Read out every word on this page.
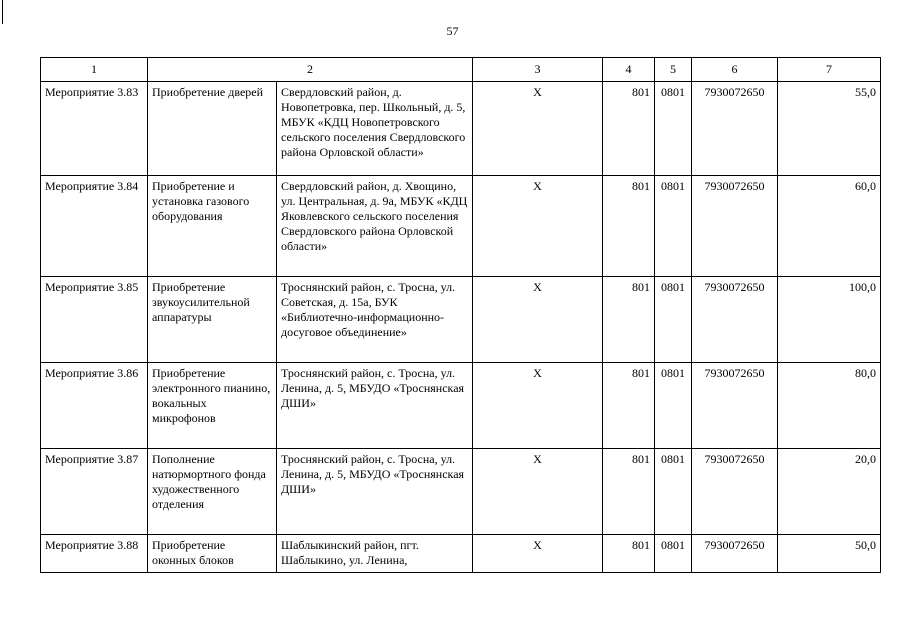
57
1	2		3	4	5	6	7
Мероприятие 3.83	Приобретение дверей	Свердловский район, д. Новопетровка, пер. Школьный, д. 5, МБУК «КДЦ Новопетровского сельского поселения Свердловского района Орловской области»	Х	801	0801	7930072650	55,0
Мероприятие 3.84	Приобретение и установка газового оборудования	Свердловский район, д. Хвощино, ул. Центральная, д. 9а, МБУК «КДЦ Яковлевского сельского поселения Свердловского района Орловской области»	Х	801	0801	7930072650	60,0
Мероприятие 3.85	Приобретение звукоусилительной аппаратуры	Троснянский район, с. Тросна, ул. Советская, д. 15а, БУК «Библиотечно-информационно-досуговое объединение»	Х	801	0801	7930072650	100,0
Мероприятие 3.86	Приобретение электронного пианино, вокальных микрофонов	Троснянский район, с. Тросна, ул. Ленина, д. 5, МБУДО «Троснянская ДШИ»	Х	801	0801	7930072650	80,0
Мероприятие 3.87	Пополнение натюрмортного фонда художественного отделения	Троснянский район, с. Тросна, ул. Ленина, д. 5, МБУДО «Троснянская ДШИ»	Х	801	0801	7930072650	20,0
Мероприятие 3.88	Приобретение оконных блоков	Шаблыкинский район, пгт. Шаблыкино, ул. Ленина,	Х	801	0801	7930072650	50,0
